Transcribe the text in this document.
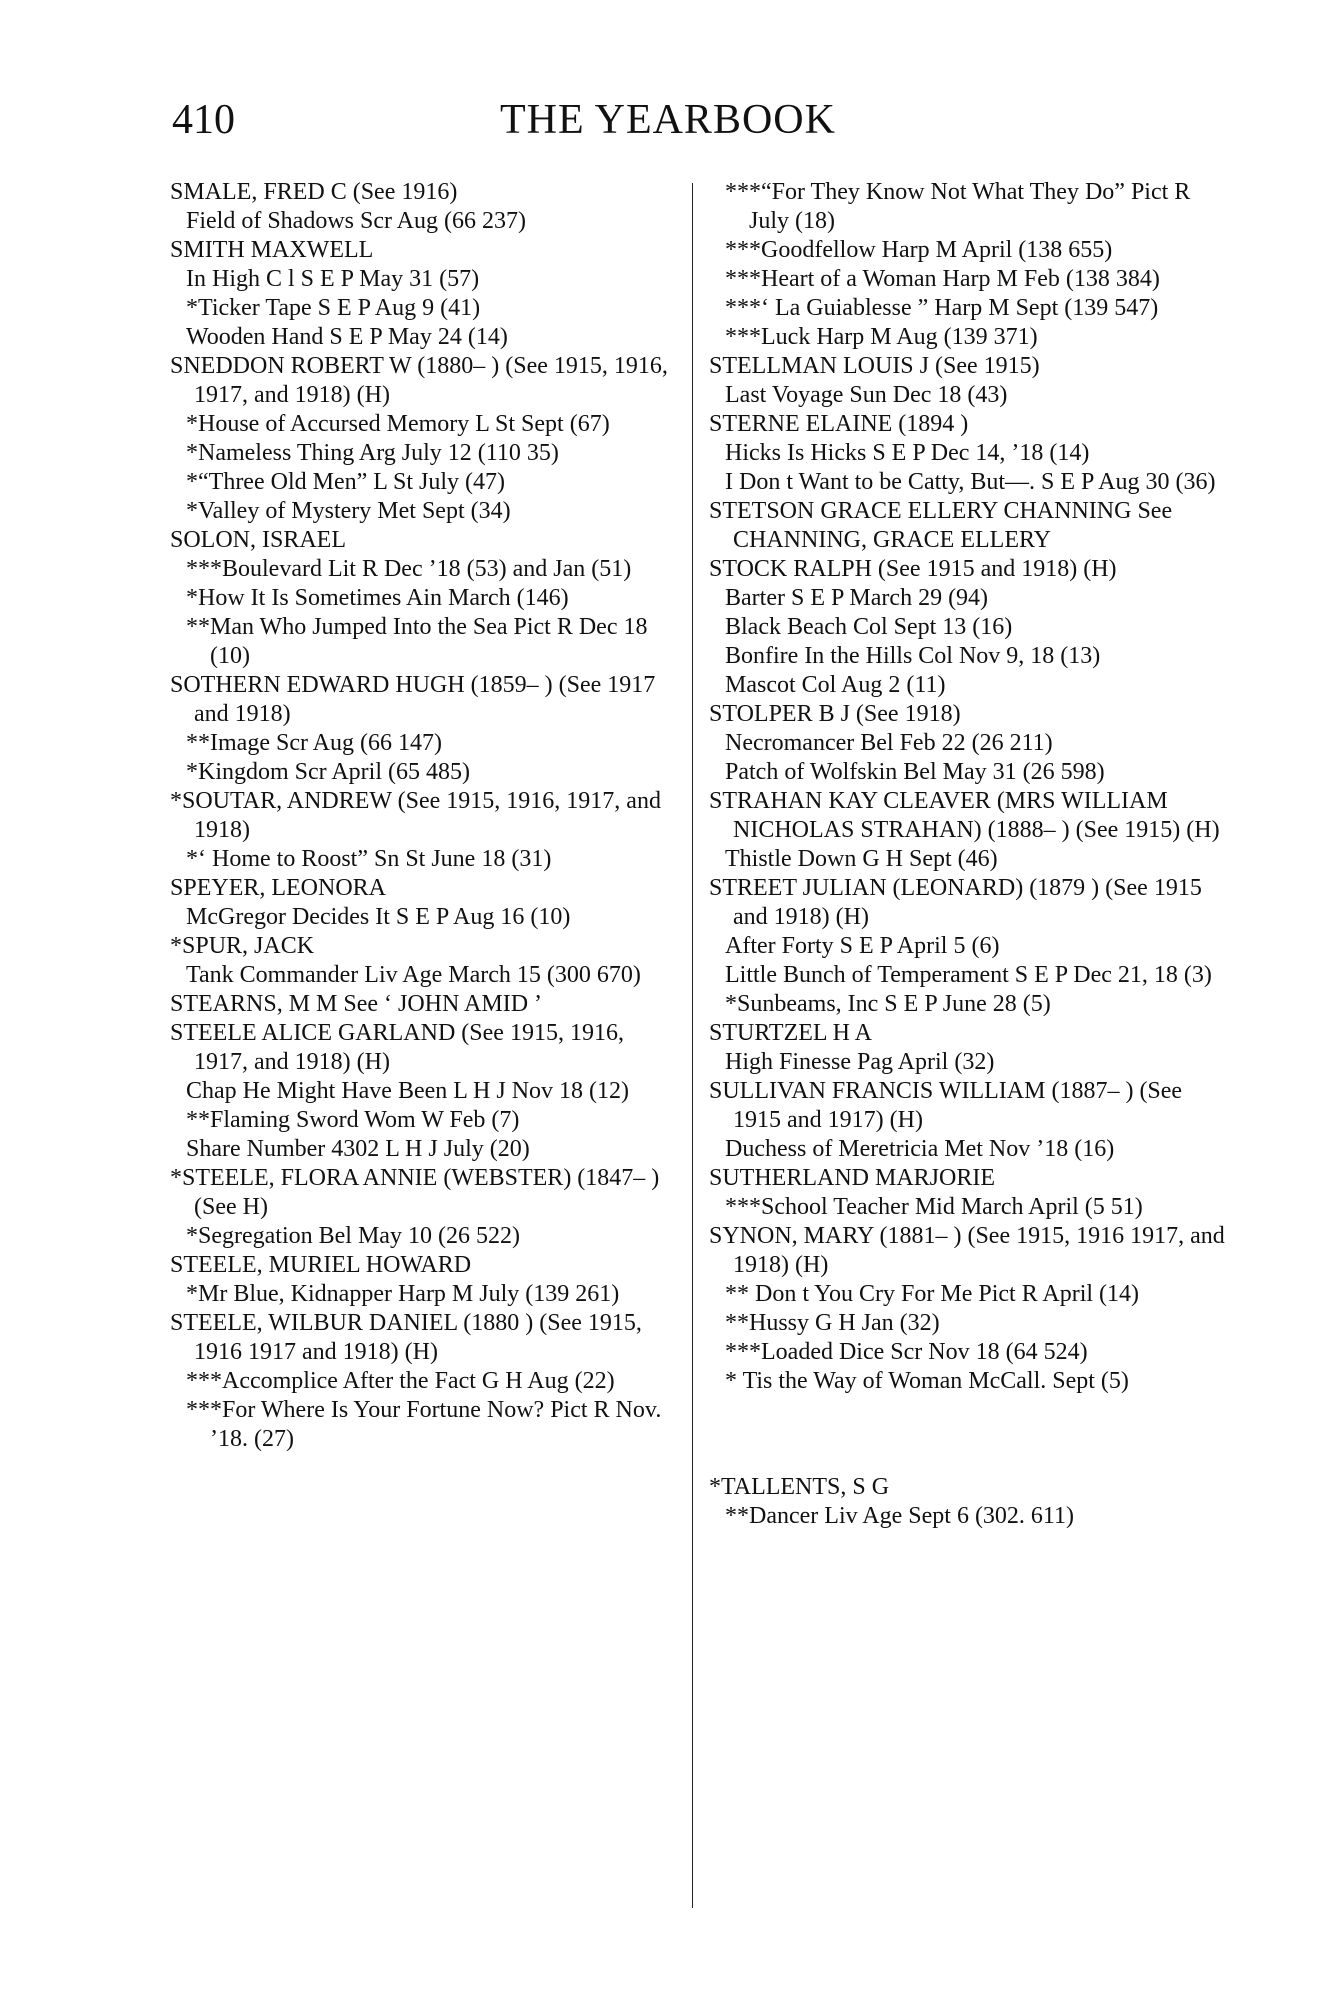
410	THE YEARBOOK

SMALE, FRED C (See 1916)

Field of Shadows Scr Aug (66 237)

SMITH MAXWELL

In High C l S E P May 31 (57)

*Ticker Tape S E P Aug 9 (41)

Wooden Hand S E P May 24 (14)

SNEDDON ROBERT W (1880– ) (See 1915, 1916, 1917, and 1918) (H)

*House of Accursed Memory L St Sept (67)

*Nameless Thing Arg July 12 (110 35)

*“Three Old Men” L St July (47)

*Valley of Mystery Met Sept (34)

SOLON, ISRAEL

***Boulevard Lit R Dec ’18 (53) and Jan (51)

*How It Is Sometimes Ain March (146)

**Man Who Jumped Into the Sea Pict R Dec 18 (10)

SOTHERN EDWARD HUGH (1859– ) (See 1917 and 1918)

**Image Scr Aug (66 147)

*Kingdom Scr April (65 485)

*SOUTAR, ANDREW (See 1915, 1916, 1917, and 1918)

*‘ Home to Roost” Sn St June 18 (31)

SPEYER, LEONORA

McGregor Decides It S E P Aug 16 (10)

*SPUR, JACK

Tank Commander Liv Age March 15 (300 670)

STEARNS, M M See ‘ JOHN AMID ’

STEELE ALICE GARLAND (See 1915, 1916, 1917, and 1918) (H)

Chap He Might Have Been L H J Nov 18 (12)

**Flaming Sword Wom W Feb (7)

Share Number 4302 L H J July (20)

*STEELE, FLORA ANNIE (WEBSTER) (1847– ) (See H)

*Segregation Bel May 10 (26 522)

STEELE, MURIEL HOWARD

*Mr Blue, Kidnapper Harp M July (139 261)

STEELE, WILBUR DANIEL (1880 ) (See 1915, 1916 1917 and 1918) (H)

***Accomplice After the Fact G H Aug (22)

***For Where Is Your Fortune Now? Pict R Nov. ’18. (27)

***“For They Know Not What They Do” Pict R July (18)

***Goodfellow Harp M April (138 655)

***Heart of a Woman Harp M Feb (138 384)

***‘ La Guiablesse ” Harp M Sept (139 547)

***Luck Harp M Aug (139 371)

STELLMAN LOUIS J (See 1915)

Last Voyage Sun Dec 18 (43)

STERNE ELAINE (1894 )

Hicks Is Hicks S E P Dec 14, ’18 (14)

I Don t Want to be Catty, But—. S E P Aug 30 (36)

STETSON GRACE ELLERY CHANNING See CHANNING, GRACE ELLERY

STOCK RALPH (See 1915 and 1918) (H)

Barter S E P March 29 (94)

Black Beach Col Sept 13 (16)

Bonfire In the Hills Col Nov 9, 18 (13)

Mascot Col Aug 2 (11)

STOLPER B J (See 1918)

Necromancer Bel Feb 22 (26 211)

Patch of Wolfskin Bel May 31 (26 598)

STRAHAN KAY CLEAVER (MRS WILLIAM NICHOLAS STRAHAN) (1888– ) (See 1915) (H)

Thistle Down G H Sept (46)

STREET JULIAN (LEONARD) (1879 ) (See 1915 and 1918) (H)

After Forty S E P April 5 (6)

Little Bunch of Temperament S E P Dec 21, 18 (3)

*Sunbeams, Inc S E P June 28 (5)

STURTZEL H A

High Finesse Pag April (32)

SULLIVAN FRANCIS WILLIAM (1887– ) (See 1915 and 1917) (H)

Duchess of Meretricia Met Nov ’18 (16)

SUTHERLAND MARJORIE

***School Teacher Mid March April (5 51)

SYNON, MARY (1881– ) (See 1915, 1916 1917, and 1918) (H)

** Don t You Cry For Me Pict R April (14)

**Hussy G H Jan (32)

***Loaded Dice Scr Nov 18 (64 524)

* Tis the Way of Woman McCall. Sept (5)

*TALLENTS, S G

**Dancer Liv Age Sept 6 (302. 611)
